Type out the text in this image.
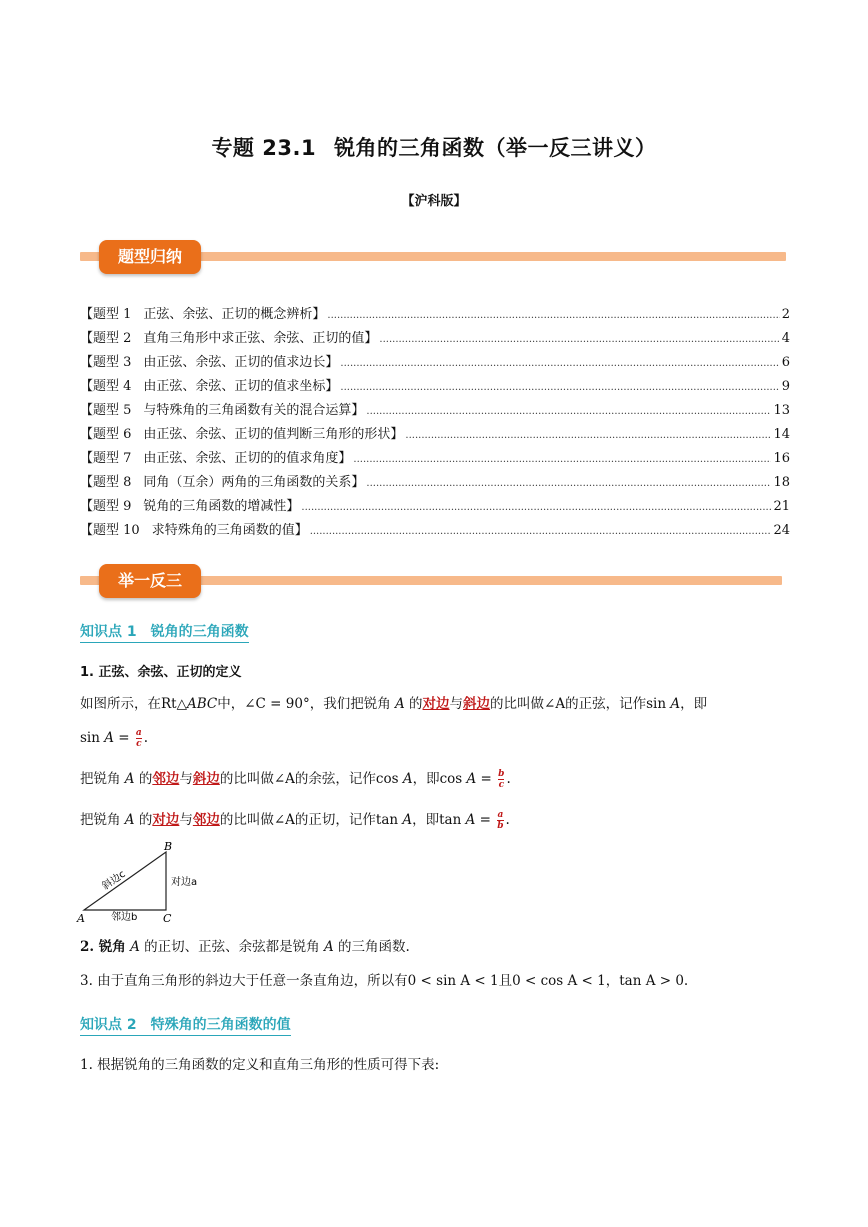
专题 23.1 锐角的三角函数（举一反三讲义）
【沪科版】
题型归纳
【题型 1 正弦、余弦、正切的概念辨析】 .....	2
【题型 2 直角三角形中求正弦、余弦、正切的值】 .....	4
【题型 3 由正弦、余弦、正切的值求边长】 .....	6
【题型 4 由正弦、余弦、正切的值求坐标】 .....	9
【题型 5 与特殊角的三角函数有关的混合运算】 .....	13
【题型 6 由正弦、余弦、正切的值判断三角形的形状】 .....	14
【题型 7 由正弦、余弦、正切的的值求角度】 .....	16
【题型 8 同角（互余）两角的三角函数的关系】 .....	18
【题型 9 锐角的三角函数的增减性】 .....	21
【题型 10 求特殊角的三角函数的值】 .....	24
举一反三
知识点 1 锐角的三角函数
1. 正弦、余弦、正切的定义
如图所示，在Rt△ABC中，∠C = 90°，我们把锐角 A 的对边与斜边的比叫做∠A的正弦，记作sin A，即
$\sin A = \frac{a}{c}$ .
把锐角 A 的邻边与斜边的比叫做∠A的余弦，记作cos A，即$\cos A = \frac{b}{c}$ .
把锐角 A 的对边与邻边的比叫做∠A的正切，记作tan A，即$\tan A = \frac{a}{b}$ .
A
B
C
斜边c	对边a
邻边b
2. 锐角 A 的正切、正弦、余弦都是锐角 A 的三角函数.
3. 由于直角三角形的斜边大于任意一条直角边，所以有0 < sin A < 1且0 < cos A < 1，tan A > 0.
知识点 2 特殊角的三角函数的值
1. 根据锐角的三角函数的定义和直角三角形的性质可得下表:
